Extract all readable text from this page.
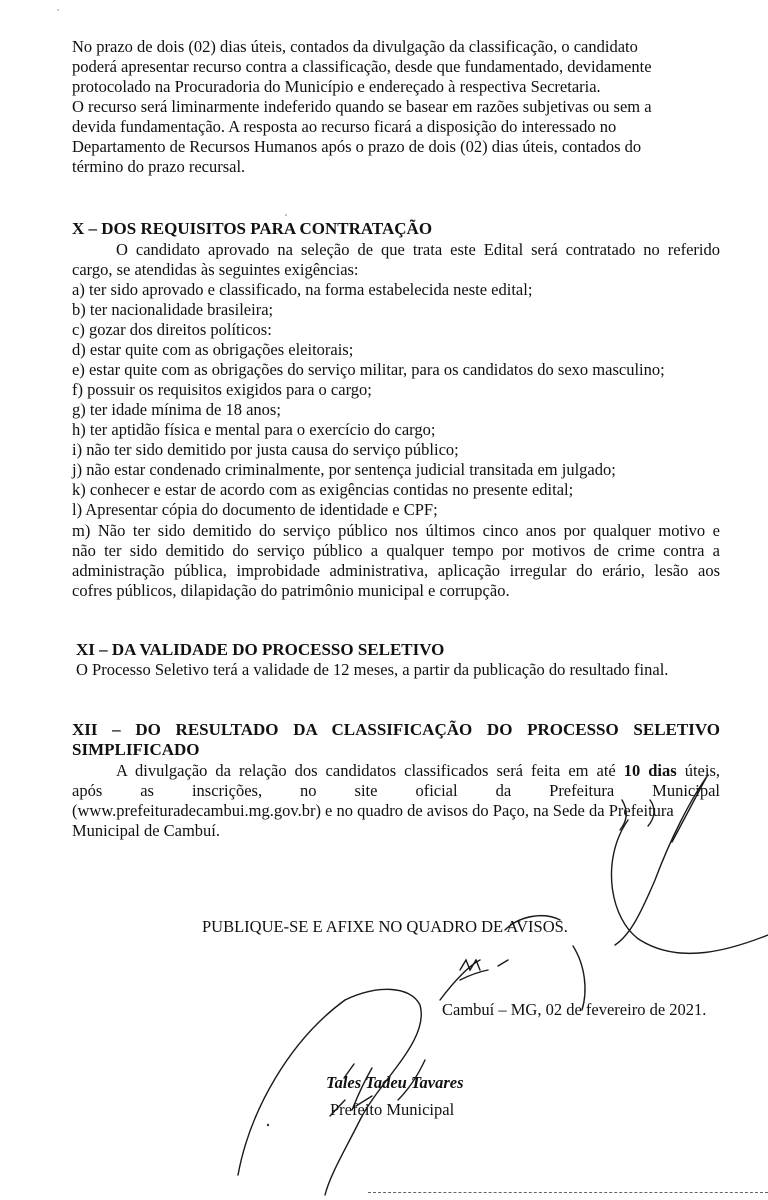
No prazo de dois (02) dias úteis, contados da divulgação da classificação, o candidato
poderá apresentar recurso contra a classificação, desde que fundamentado, devidamente
protocolado na Procuradoria do Município e endereçado à respectiva Secretaria.
O recurso será liminarmente indeferido quando se basear em razões subjetivas ou sem a
devida fundamentação. A resposta ao recurso ficará a disposição do interessado no
Departamento de Recursos Humanos após o prazo de dois (02) dias úteis, contados do
término do prazo recursal.
X – DOS REQUISITOS PARA CONTRATAÇÃO
O candidato aprovado na seleção de que trata este Edital será contratado no referido
cargo, se atendidas às seguintes exigências:
a) ter sido aprovado e classificado, na forma estabelecida neste edital;
b) ter nacionalidade brasileira;
c) gozar dos direitos políticos:
d) estar quite com as obrigações eleitorais;
e) estar quite com as obrigações do serviço militar, para os candidatos do sexo masculino;
f) possuir os requisitos exigidos para o cargo;
g) ter idade mínima de 18 anos;
h) ter aptidão física e mental para o exercício do cargo;
i) não ter sido demitido por justa causa do serviço público;
j) não estar condenado criminalmente, por sentença judicial transitada em julgado;
k) conhecer e estar de acordo com as exigências contidas no presente edital;
l) Apresentar cópia do documento de identidade e CPF;
m) Não ter sido demitido do serviço público nos últimos cinco anos por qualquer motivo e
não ter sido demitido do serviço público a qualquer tempo por motivos de crime contra a
administração pública, improbidade administrativa, aplicação irregular do erário, lesão aos
cofres públicos, dilapidação do patrimônio municipal e corrupção.
XI – DA VALIDADE DO PROCESSO SELETIVO
O Processo Seletivo terá a validade de 12 meses, a partir da publicação do resultado final.
XII – DO RESULTADO DA CLASSIFICAÇÃO DO PROCESSO SELETIVO
SIMPLIFICADO
A divulgação da relação dos candidatos classificados será feita em até 10 dias úteis,
após as inscrições, no site oficial da Prefeitura Municipal
(www.prefeituradecambui.mg.gov.br) e no quadro de avisos do Paço, na Sede da Prefeitura
Municipal de Cambuí.
PUBLIQUE-SE E AFIXE NO QUADRO DE AVISOS.
Cambuí – MG, 02 de fevereiro de 2021.
Tales Tadeu Tavares
Prefeito Municipal
